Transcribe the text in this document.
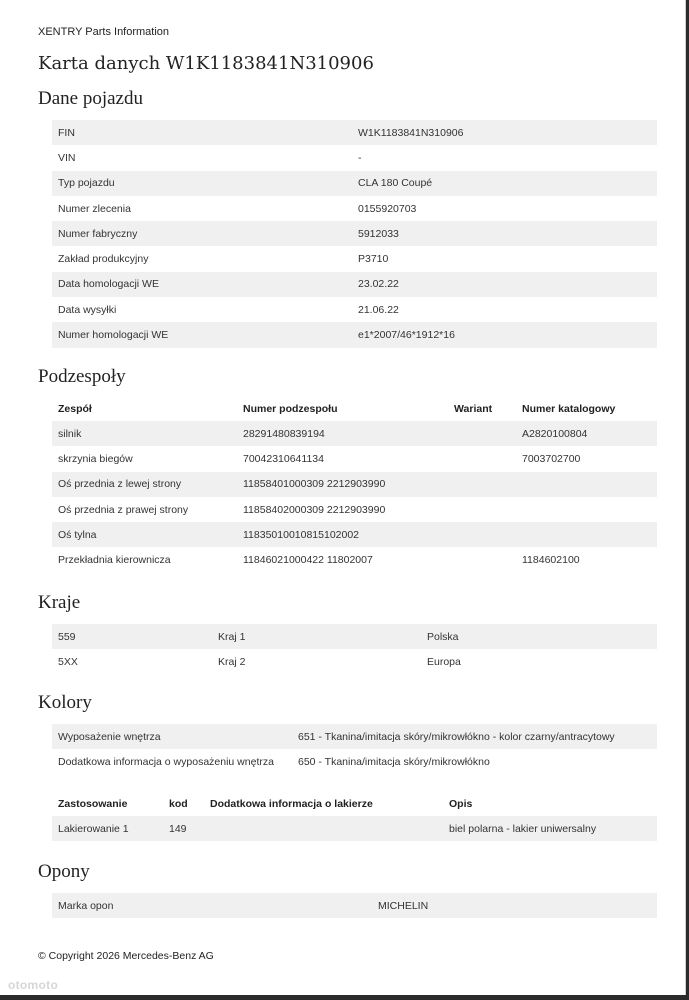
XENTRY Parts Information
Karta danych W1K1183841N310906
Dane pojazdu
FIN	W1K1183841N310906
VIN	-
Typ pojazdu	CLA 180 Coupé
Numer zlecenia	0155920703
Numer fabryczny	5912033
Zakład produkcyjny	P3710
Data homologacji WE	23.02.22
Data wysyłki	21.06.22
Numer homologacji WE	e1*2007/46*1912*16
Podzespoły
Zespół	Numer podzespołu	Wariant	Numer katalogowy
silnik	28291480839194		A2820100804
skrzynia biegów	70042310641134		7003702700
Oś przednia z lewej strony	11858401000309 2212903990		
Oś przednia z prawej strony	11858402000309 2212903990		
Oś tylna	11835010010815102002		
Przekładnia kierownicza	11846021000422 11802007		1184602100
Kraje
559	Kraj 1	Polska
5XX	Kraj 2	Europa
Kolory
Wyposażenie wnętrza	651 - Tkanina/imitacja skóry/mikrowłókno - kolor czarny/antracytowy
Dodatkowa informacja o wyposażeniu wnętrza	650 - Tkanina/imitacja skóry/mikrowłókno
Zastosowanie	kod	Dodatkowa informacja o lakierze	Opis
Lakierowanie 1	149		biel polarna - lakier uniwersalny
Opony
Marka opon	MICHELIN
© Copyright 2026 Mercedes-Benz AG
otomoto
